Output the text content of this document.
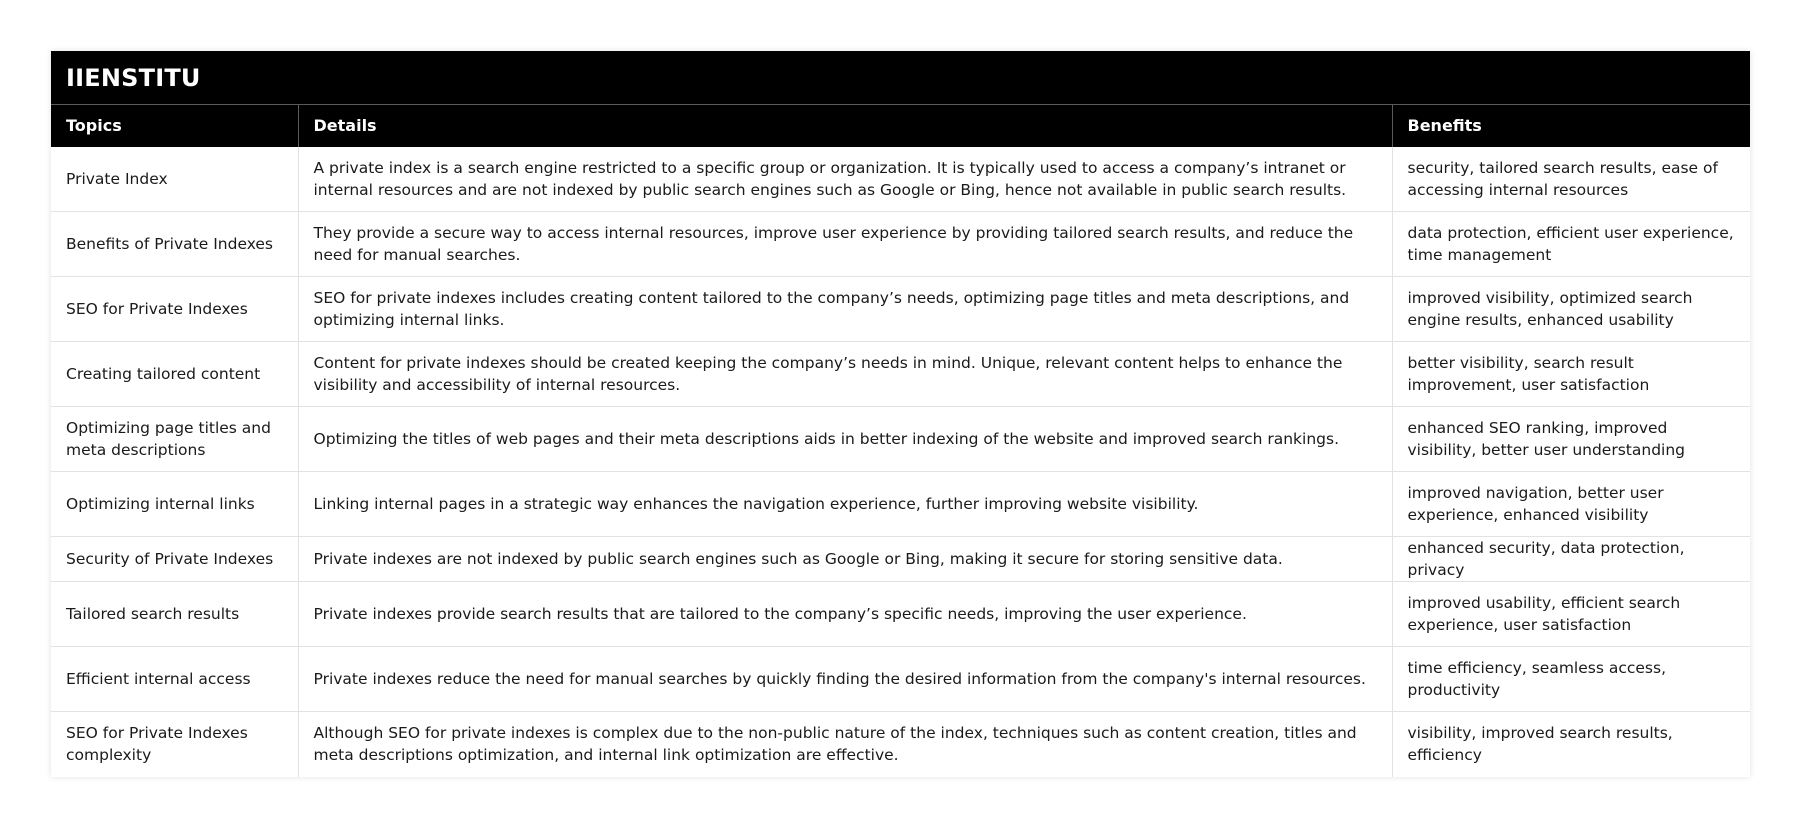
IIENSTITU
Topics	Details	Benefits
Private Index	A private index is a search engine restricted to a specific group or organization. It is typically used to access a company’s intranet or internal resources and are not indexed by public search engines such as Google or Bing, hence not available in public search results.	security, tailored search results, ease of accessing internal resources
Benefits of Private Indexes	They provide a secure way to access internal resources, improve user experience by providing tailored search results, and reduce the need for manual searches.	data protection, efficient user experience, time management
SEO for Private Indexes	SEO for private indexes includes creating content tailored to the company’s needs, optimizing page titles and meta descriptions, and optimizing internal links.	improved visibility, optimized search engine results, enhanced usability
Creating tailored content	Content for private indexes should be created keeping the company’s needs in mind. Unique, relevant content helps to enhance the visibility and accessibility of internal resources.	better visibility, search result improvement, user satisfaction
Optimizing page titles and meta descriptions	Optimizing the titles of web pages and their meta descriptions aids in better indexing of the website and improved search rankings.	enhanced SEO ranking, improved visibility, better user understanding
Optimizing internal links	Linking internal pages in a strategic way enhances the navigation experience, further improving website visibility.	improved navigation, better user experience, enhanced visibility
Security of Private Indexes	Private indexes are not indexed by public search engines such as Google or Bing, making it secure for storing sensitive data.	enhanced security, data protection, privacy
Tailored search results	Private indexes provide search results that are tailored to the company’s specific needs, improving the user experience.	improved usability, efficient search experience, user satisfaction
Efficient internal access	Private indexes reduce the need for manual searches by quickly finding the desired information from the company's internal resources.	time efficiency, seamless access, productivity
SEO for Private Indexes complexity	Although SEO for private indexes is complex due to the non-public nature of the index, techniques such as content creation, titles and meta descriptions optimization, and internal link optimization are effective.	visibility, improved search results, efficiency
